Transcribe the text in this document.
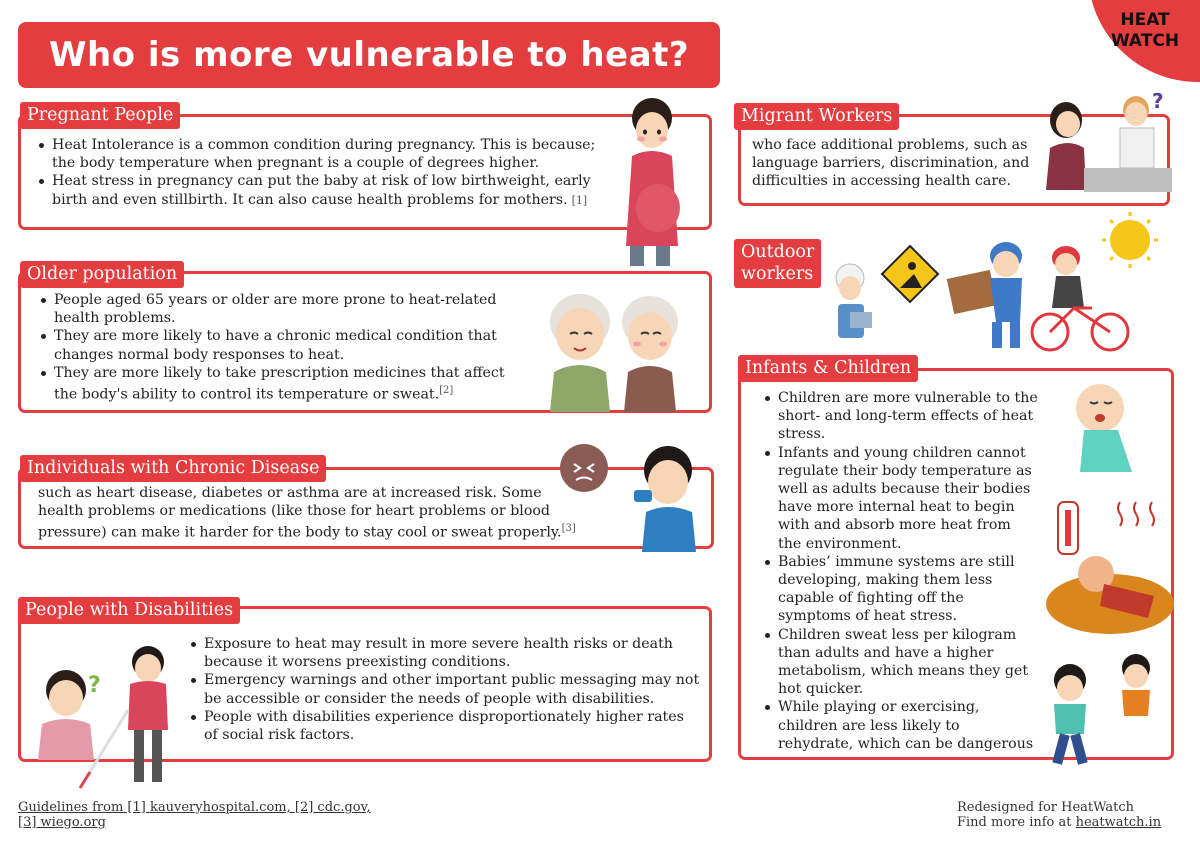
Who is more vulnerable to heat?
HEAT
WATCH
Pregnant People
Heat Intolerance is a common condition during pregnancy. This is because; the body temperature when pregnant is a couple of degrees higher.
Heat stress in pregnancy can put the baby at risk of low birthweight, early birth and even stillbirth. It can also cause health problems for mothers. [1]
Older population
People aged 65 years or older are more prone to heat-related health problems.
They are more likely to have a chronic medical condition that changes normal body responses to heat.
They are more likely to take prescription medicines that affect the body's ability to control its temperature or sweat.[2]
Individuals with Chronic Disease

such as heart disease, diabetes or asthma are at increased risk. Some health problems or medications (like those for heart problems or blood pressure) can make it harder for the body to stay cool or sweat properly.[3]

People with Disabilities
Exposure to heat may result in more severe health risks or death because it worsens preexisting conditions.
Emergency warnings and other important public messaging may not be accessible or consider the needs of people with disabilities.
People with disabilities experience disproportionately higher rates of social risk factors.
?
Migrant Workers

who face additional problems, such as language barriers, discrimination, and difficulties in accessing health care.

?
Outdoor
workers
Infants & Children
Children are more vulnerable to the short- and long-term effects of heat stress.
Infants and young children cannot regulate their body temperature as well as adults because their bodies have more internal heat to begin with and absorb more heat from the environment.
Babies’ immune systems are still developing, making them less capable of fighting off the symptoms of heat stress.
Children sweat less per kilogram than adults and have a higher metabolism, which means they get hot quicker.
While playing or exercising, children are less likely to rehydrate, which can be dangerous
Guidelines from [1] kauveryhospital.com, [2] cdc.gov,
[3] wiego.org
Redesigned for HeatWatch
Find more info at heatwatch.in
